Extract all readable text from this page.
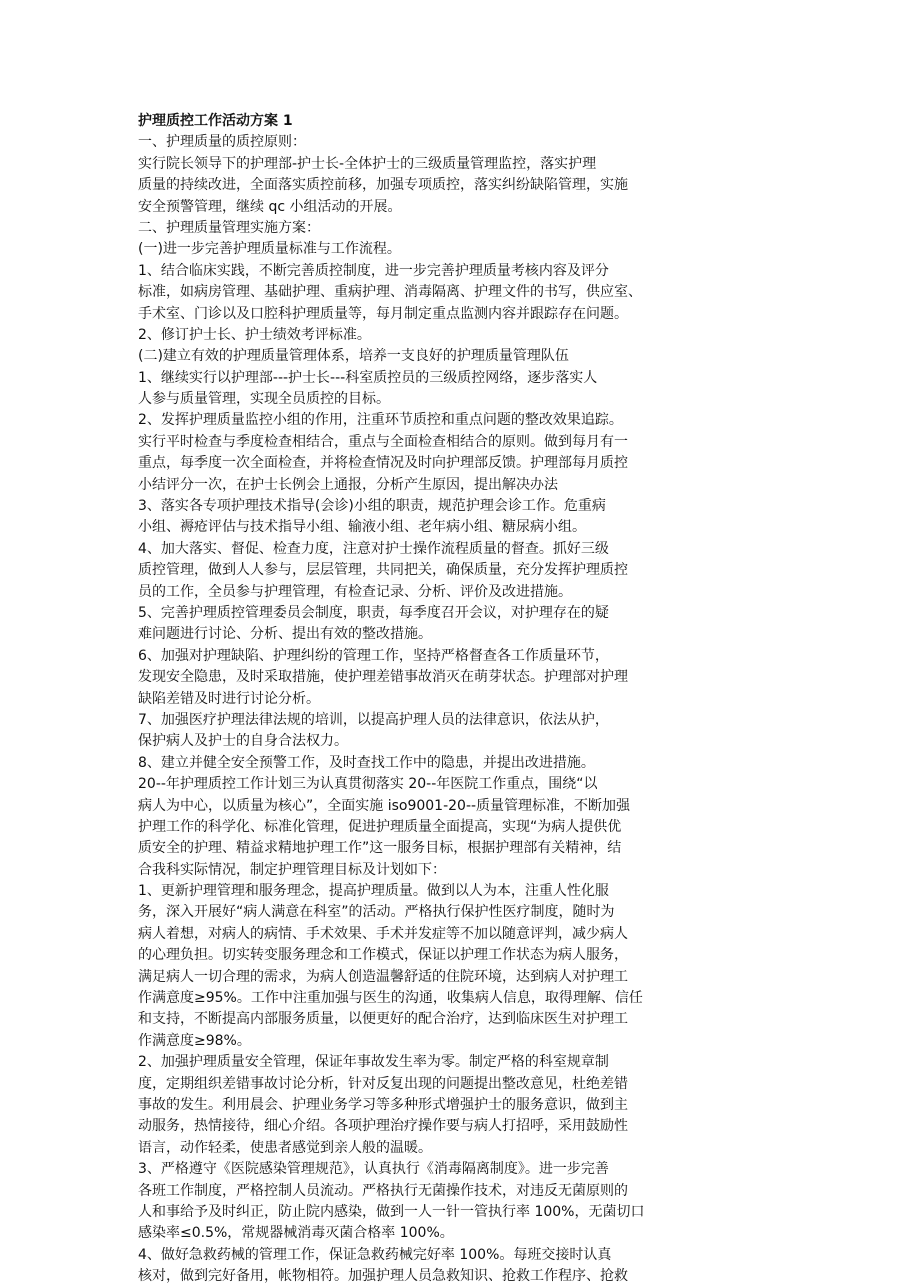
护理质控工作活动方案 1
一、护理质量的质控原则：
实行院长领导下的护理部-护士长-全体护士的三级质量管理监控，落实护理
质量的持续改进，全面落实质控前移，加强专项质控，落实纠纷缺陷管理，实施
安全预警管理，继续 qc 小组活动的开展。
二、护理质量管理实施方案：
(一)进一步完善护理质量标准与工作流程。
1、结合临床实践，不断完善质控制度，进一步完善护理质量考核内容及评分
标准，如病房管理、基础护理、重病护理、消毒隔离、护理文件的书写，供应室、
手术室、门诊以及口腔科护理质量等，每月制定重点监测内容并跟踪存在问题。
2、修订护士长、护士绩效考评标准。
(二)建立有效的护理质量管理体系，培养一支良好的护理质量管理队伍
1、继续实行以护理部---护士长---科室质控员的三级质控网络，逐步落实人
人参与质量管理，实现全员质控的目标。
2、发挥护理质量监控小组的作用，注重环节质控和重点问题的整改效果追踪。
实行平时检查与季度检查相结合，重点与全面检查相结合的原则。做到每月有一
重点，每季度一次全面检查，并将检查情况及时向护理部反馈。护理部每月质控
小结评分一次，在护士长例会上通报，分析产生原因，提出解决办法
3、落实各专项护理技术指导(会诊)小组的职责，规范护理会诊工作。危重病
小组、褥疮评估与技术指导小组、输液小组、老年病小组、糖尿病小组。
4、加大落实、督促、检查力度，注意对护士操作流程质量的督查。抓好三级
质控管理，做到人人参与，层层管理，共同把关，确保质量，充分发挥护理质控
员的工作，全员参与护理管理，有检查记录、分析、评价及改进措施。
5、完善护理质控管理委员会制度，职责，每季度召开会议，对护理存在的疑
难问题进行讨论、分析、提出有效的整改措施。
6、加强对护理缺陷、护理纠纷的管理工作，坚持严格督查各工作质量环节，
发现安全隐患，及时采取措施，使护理差错事故消灭在萌芽状态。护理部对护理
缺陷差错及时进行讨论分析。
7、加强医疗护理法律法规的培训，以提高护理人员的法律意识，依法从护，
保护病人及护士的自身合法权力。
8、建立并健全安全预警工作，及时查找工作中的隐患，并提出改进措施。
20--年护理质控工作计划三为认真贯彻落实 20--年医院工作重点，围绕“以
病人为中心，以质量为核心”，全面实施 iso9001-20--质量管理标准，不断加强
护理工作的科学化、标准化管理，促进护理质量全面提高，实现“为病人提供优
质安全的护理、精益求精地护理工作”这一服务目标，根据护理部有关精神，结
合我科实际情况，制定护理管理目标及计划如下：
1、更新护理管理和服务理念，提高护理质量。做到以人为本，注重人性化服
务，深入开展好“病人满意在科室”的活动。严格执行保护性医疗制度，随时为
病人着想，对病人的病情、手术效果、手术并发症等不加以随意评判，减少病人
的心理负担。切实转变服务理念和工作模式，保证以护理工作状态为病人服务，
满足病人一切合理的需求，为病人创造温馨舒适的住院环境，达到病人对护理工
作满意度≥95%。工作中注重加强与医生的沟通，收集病人信息，取得理解、信任
和支持，不断提高内部服务质量，以便更好的配合治疗，达到临床医生对护理工
作满意度≥98%。
2、加强护理质量安全管理，保证年事故发生率为零。制定严格的科室规章制
度，定期组织差错事故讨论分析，针对反复出现的问题提出整改意见，杜绝差错
事故的发生。利用晨会、护理业务学习等多种形式增强护士的服务意识，做到主
动服务，热情接待，细心介绍。各项护理治疗操作要与病人打招呼，采用鼓励性
语言，动作轻柔，使患者感觉到亲人般的温暖。
3、严格遵守《医院感染管理规范》，认真执行《消毒隔离制度》。进一步完善
各班工作制度，严格控制人员流动。严格执行无菌操作技术，对违反无菌原则的
人和事给予及时纠正，防止院内感染，做到一人一针一管执行率 100%，无菌切口
感染率≤0.5%，常规器械消毒灭菌合格率 100%。
4、做好急救药械的管理工作，保证急救药械完好率 100%。每班交接时认真
核对，做到完好备用，帐物相符。加强护理人员急救知识、抢救工作程序、抢救
